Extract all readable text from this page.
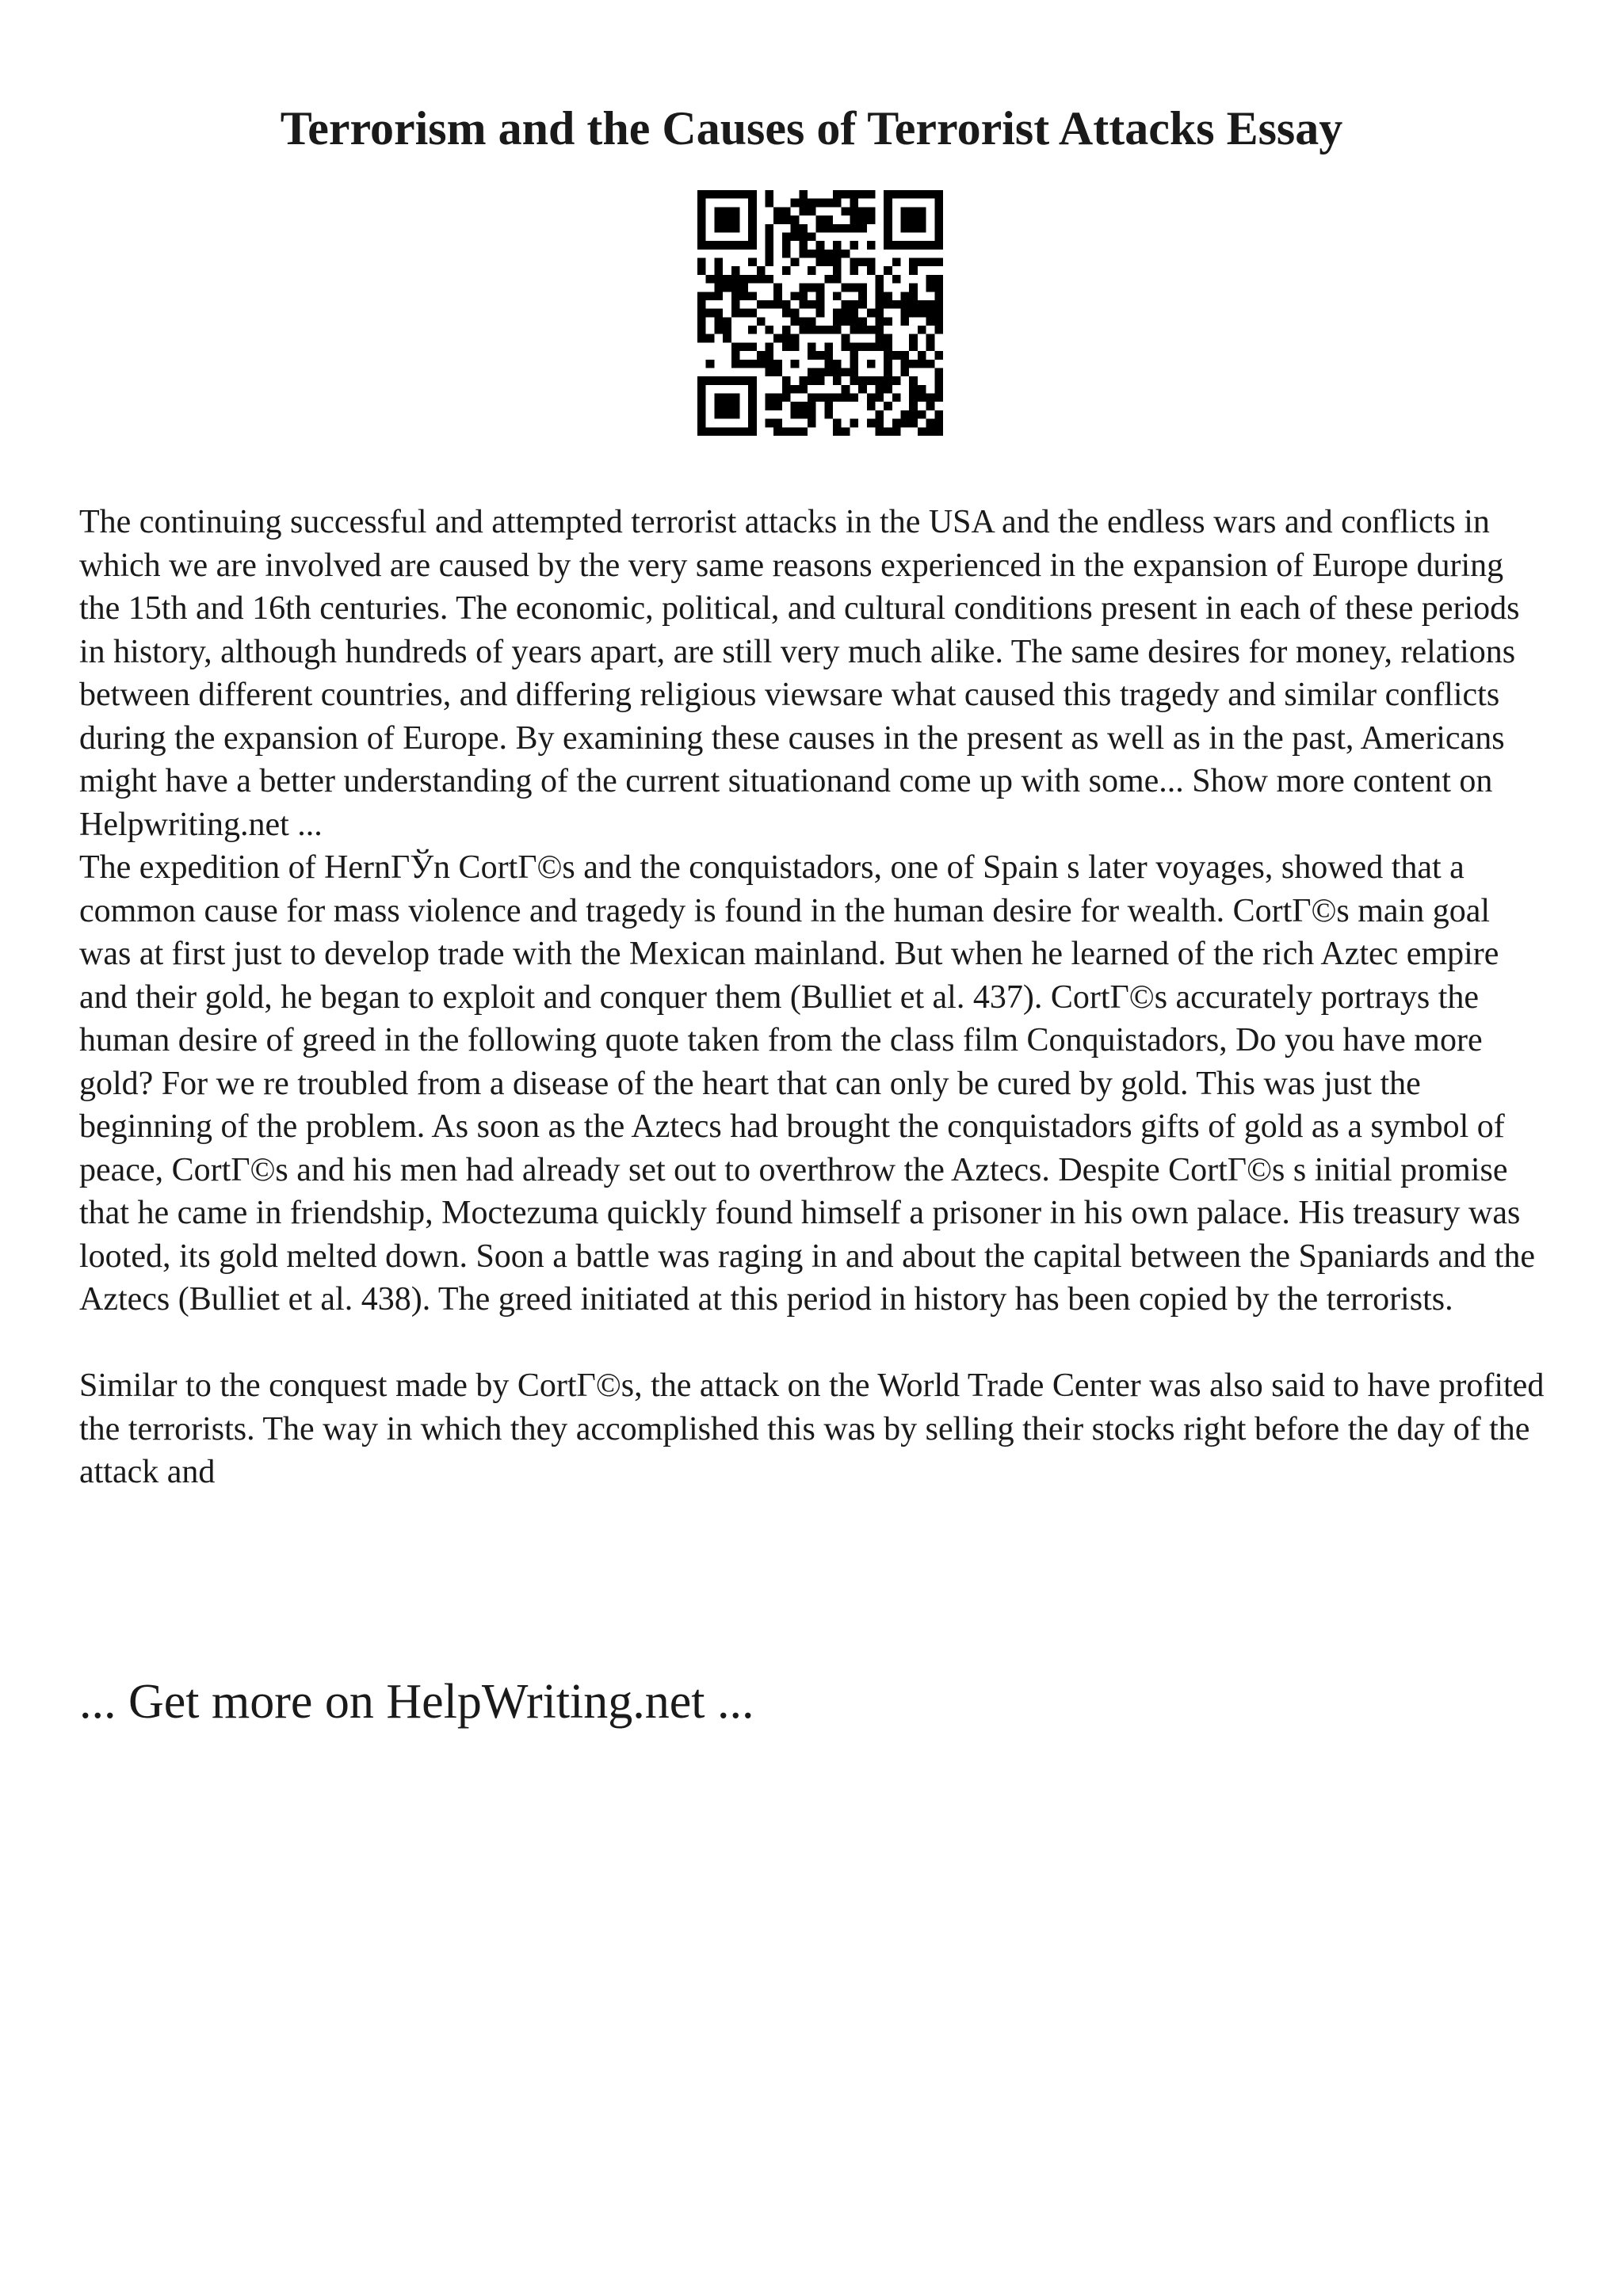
Terrorism and the Causes of Terrorist Attacks Essay

The continuing successful and attempted terrorist attacks in the USA and the endless wars and conflicts in which we are involved are caused by the very same reasons experienced in the expansion of Europe during the 15th and 16th centuries. The economic, political, and cultural conditions present in each of these periods in history, although hundreds of years apart, are still very much alike. The same desires for money, relations between different countries, and differing religious viewsare what caused this tragedy and similar conflicts during the expansion of Europe. By examining these causes in the present as well as in the past, Americans might have a better understanding of the current situationand come up with some... Show more content on Helpwriting.net ...

The expedition of HernГЎn CortГ©s and the conquistadors, one of Spain s later voyages, showed that a common cause for mass violence and tragedy is found in the human desire for wealth. CortГ©s main goal was at first just to develop trade with the Mexican mainland. But when he learned of the rich Aztec empire and their gold, he began to exploit and conquer them (Bulliet et al. 437). CortГ©s accurately portrays the human desire of greed in the following quote taken from the class film Conquistadors, Do you have more gold? For we re troubled from a disease of the heart that can only be cured by gold. This was just the beginning of the problem. As soon as the Aztecs had brought the conquistadors gifts of gold as a symbol of peace, CortГ©s and his men had already set out to overthrow the Aztecs. Despite CortГ©s s initial promise that he came in friendship, Moctezuma quickly found himself a prisoner in his own palace. His treasury was looted, its gold melted down. Soon a battle was raging in and about the capital between the Spaniards and the Aztecs (Bulliet et al. 438). The greed initiated at this period in history has been copied by the terrorists.

Similar to the conquest made by CortГ©s, the attack on the World Trade Center was also said to have profited the terrorists. The way in which they accomplished this was by selling their stocks right before the day of the attack and

... Get more on HelpWriting.net ...
